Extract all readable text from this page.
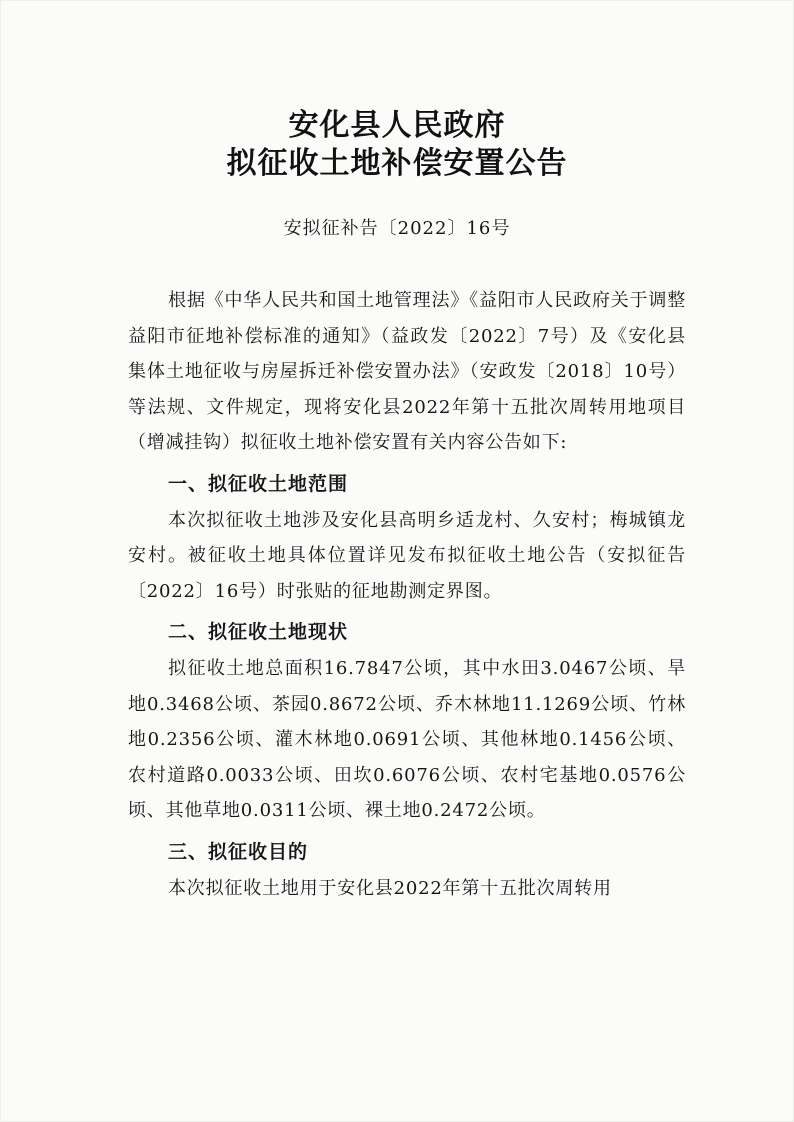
安化县人民政府
拟征收土地补偿安置公告
安拟征补告〔2022〕16号

根据《中华人民共和国土地管理法》《益阳市人民政府关于调整益阳市征地补偿标准的通知》（益政发〔2022〕7号）及《安化县集体土地征收与房屋拆迁补偿安置办法》（安政发〔2018〕10号）等法规、文件规定，现将安化县2022年第十五批次周转用地项目（增减挂钩）拟征收土地补偿安置有关内容公告如下:

一、拟征收土地范围

本次拟征收土地涉及安化县高明乡适龙村、久安村；梅城镇龙安村。被征收土地具体位置详见发布拟征收土地公告（安拟征告〔2022〕16号）时张贴的征地勘测定界图。

二、拟征收土地现状

拟征收土地总面积16.7847公顷，其中水田3.0467公顷、旱地0.3468公顷、茶园0.8672公顷、乔木林地11.1269公顷、竹林地0.2356公顷、灌木林地0.0691公顷、其他林地0.1456公顷、农村道路0.0033公顷、田坎0.6076公顷、农村宅基地0.0576公顷、其他草地0.0311公顷、裸土地0.2472公顷。

三、拟征收目的

本次拟征收土地用于安化县2022年第十五批次周转用
